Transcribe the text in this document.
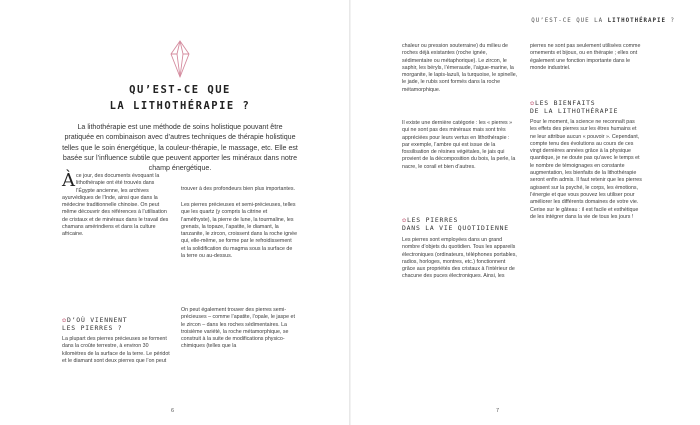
QU’EST-CE QUE
LA LITHOTHÉRAPIE ?

La lithothérapie est une méthode de soins holistique pouvant être pratiquée en combinaison avec d’autres techniques de thérapie holistique telles que le soin énergétique, la couleur-thérapie, le massage, etc. Elle est basée sur l’influence subtile que peuvent apporter les minéraux dans notre champ énergétique.

Àce jour, des documents évoquant la lithothérapie ont été trouvés dans l’Égypte ancienne, les archives ayurvédiques de l’Inde, ainsi que dans la médecine traditionnelle chinoise. On peut même découvrir des références à l’utilisation de cristaux et de minéraux dans le travail des chamans amérindiens et dans la culture africaine.

✿D’OÙ VIENNENT
LES PIERRES ?

La plupart des pierres précieuses se forment dans la croûte terrestre, à environ 30 kilomètres de la surface de la terre. Le péridot et le diamant sont deux pierres que l’on peut

trouver à des profondeurs bien plus importantes.

Les pierres précieuses et semi-précieuses, telles que les quartz (y compris la citrine et l’améthyste), la pierre de lune, la tourmaline, les grenats, la topaze, l’apatite, le diamant, la tanzanite, le zircon, croissent dans la roche ignée qui, elle-même, se forme par le refroidissement et la solidification du magma sous la surface de la terre ou au-dessus.

On peut également trouver des pierres semi-précieuses – comme l’apatite, l’opale, le jaspe et le zircon – dans les roches sédimentaires. La troisième variété, la roche métamorphique, se construit à la suite de modifications physico-chimiques (telles que la

6
QU’EST-CE QUE LA LITHOTHÉRAPIE ?

chaleur ou pression souterraine) du milieu de roches déjà existantes (roche ignée, sédimentaire ou métaphorique). Le zircon, le saphir, les béryls, l’émeraude, l’aigue-marine, la morganite, le lapis-lazuli, la turquoise, le spinelle, le jade, le rubis sont formés dans la roche métamorphique.

Il existe une dernière catégorie : les « pierres » qui ne sont pas des minéraux mais sont très appréciées pour leurs vertus en lithothérapie : par exemple, l’ambre qui est issue de la fossilisation de résines végétales, le jais qui provient de la décomposition du bois, la perle, la nacre, le corail et bien d’autres.

✿LES PIERRES
DANS LA VIE QUOTIDIENNE

Les pierres sont employées dans un grand nombre d’objets du quotidien. Tous les appareils électroniques (ordinateurs, téléphones portables, radios, horloges, montres, etc.) fonctionnent grâce aux propriétés des cristaux à l’intérieur de chacune des puces électroniques. Ainsi, les

pierres ne sont pas seulement utilisées comme ornements et bijoux, ou en thérapie ; elles ont également une fonction importante dans le monde industriel.

✿LES BIENFAITS
DE LA LITHOTHÉRAPIE

Pour le moment, la science ne reconnaît pas les effets des pierres sur les êtres humains et ne leur attribue aucun « pouvoir ». Cependant, compte tenu des évolutions au cours de ces vingt dernières années grâce à la physique quantique, je ne doute pas qu’avec le temps et le nombre de témoignages en constante augmentation, les bienfaits de la lithothérapie seront enfin admis. Il faut retenir que les pierres agissent sur la psyché, le corps, les émotions, l’énergie et que vous pouvez les utiliser pour améliorer les différents domaines de votre vie. Cerise sur le gâteau : il est facile et esthétique de les intégrer dans la vie de tous les jours !

7
